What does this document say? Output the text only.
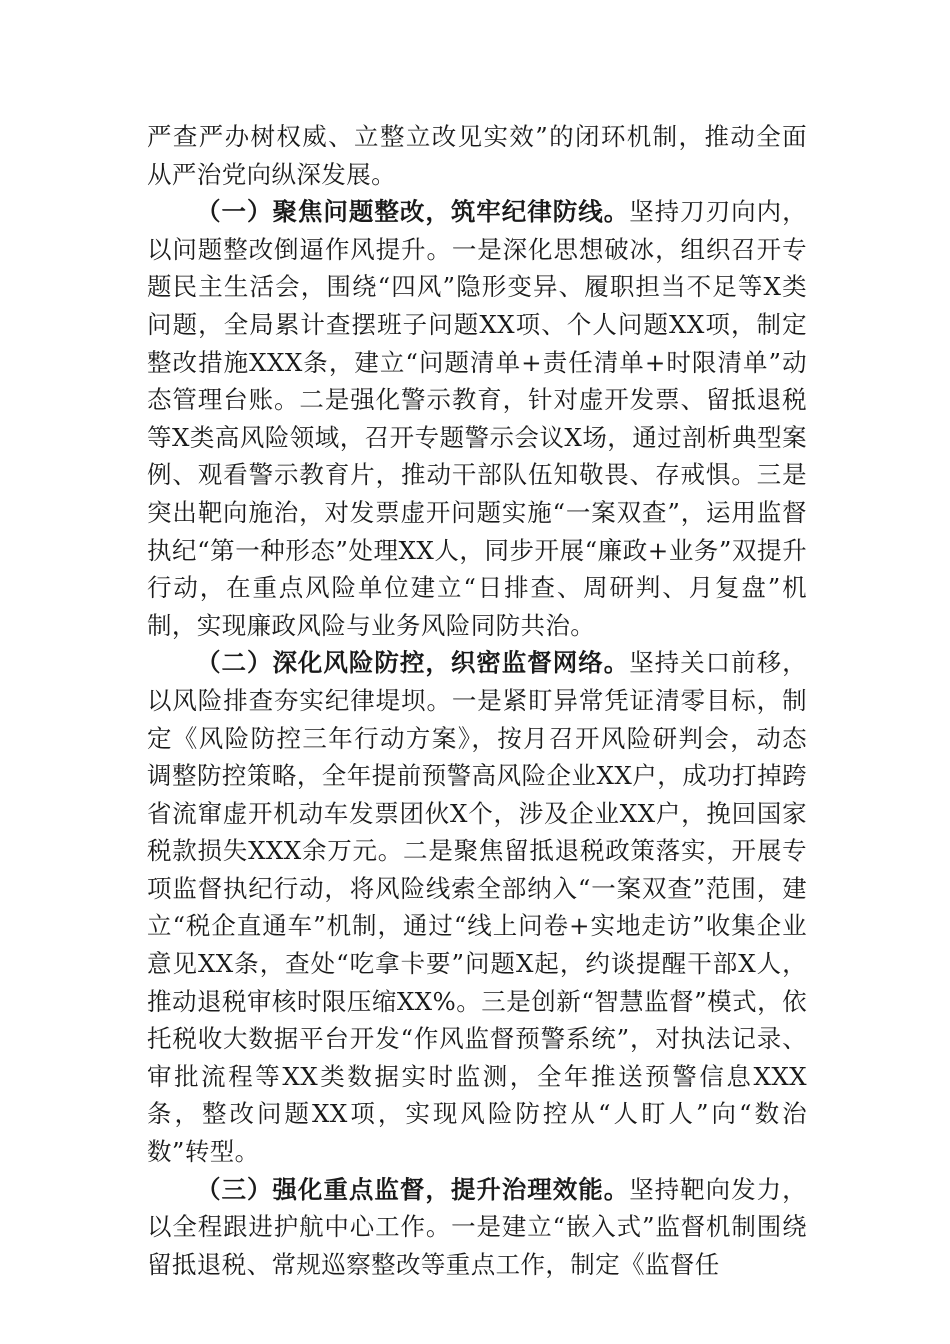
严查严办树权威、立整立改见实效”的闭环机制，推动全面从严治党向纵深发展。

（一）聚焦问题整改，筑牢纪律防线。坚持刀刃向内，以问题整改倒逼作风提升。一是深化思想破冰，组织召开专题民主生活会，围绕“四风”隐形变异、履职担当不足等X类问题，全局累计查摆班子问题XX项、个人问题XX项，制定整改措施XXX条，建立“问题清单+责任清单+时限清单”动态管理台账。二是强化警示教育，针对虚开发票、留抵退税等X类高风险领域，召开专题警示会议X场，通过剖析典型案例、观看警示教育片，推动干部队伍知敬畏、存戒惧。三是突出靶向施治，对发票虚开问题实施“一案双查”，运用监督执纪“第一种形态”处理XX人，同步开展“廉政+业务”双提升行动，在重点风险单位建立“日排查、周研判、月复盘”机制，实现廉政风险与业务风险同防共治。

（二）深化风险防控，织密监督网络。坚持关口前移，以风险排查夯实纪律堤坝。一是紧盯异常凭证清零目标，制定《风险防控三年行动方案》，按月召开风险研判会，动态调整防控策略，全年提前预警高风险企业XX户，成功打掉跨省流窜虚开机动车发票团伙X个，涉及企业XX户，挽回国家税款损失XXX余万元。二是聚焦留抵退税政策落实，开展专项监督执纪行动，将风险线索全部纳入“一案双查”范围，建立“税企直通车”机制，通过“线上问卷+实地走访”收集企业意见XX条，查处“吃拿卡要”问题X起，约谈提醒干部X人，推动退税审核时限压缩XX%。三是创新“智慧监督”模式，依托税收大数据平台开发“作风监督预警系统”，对执法记录、审批流程等XX类数据实时监测，全年推送预警信息XXX条，整改问题XX项，实现风险防控从“人盯人”向“数治数”转型。

（三）强化重点监督，提升治理效能。坚持靶向发力，以全程跟进护航中心工作。一是建立“嵌入式”监督机制围绕留抵退税、常规巡察整改等重点工作，制定《监督任
